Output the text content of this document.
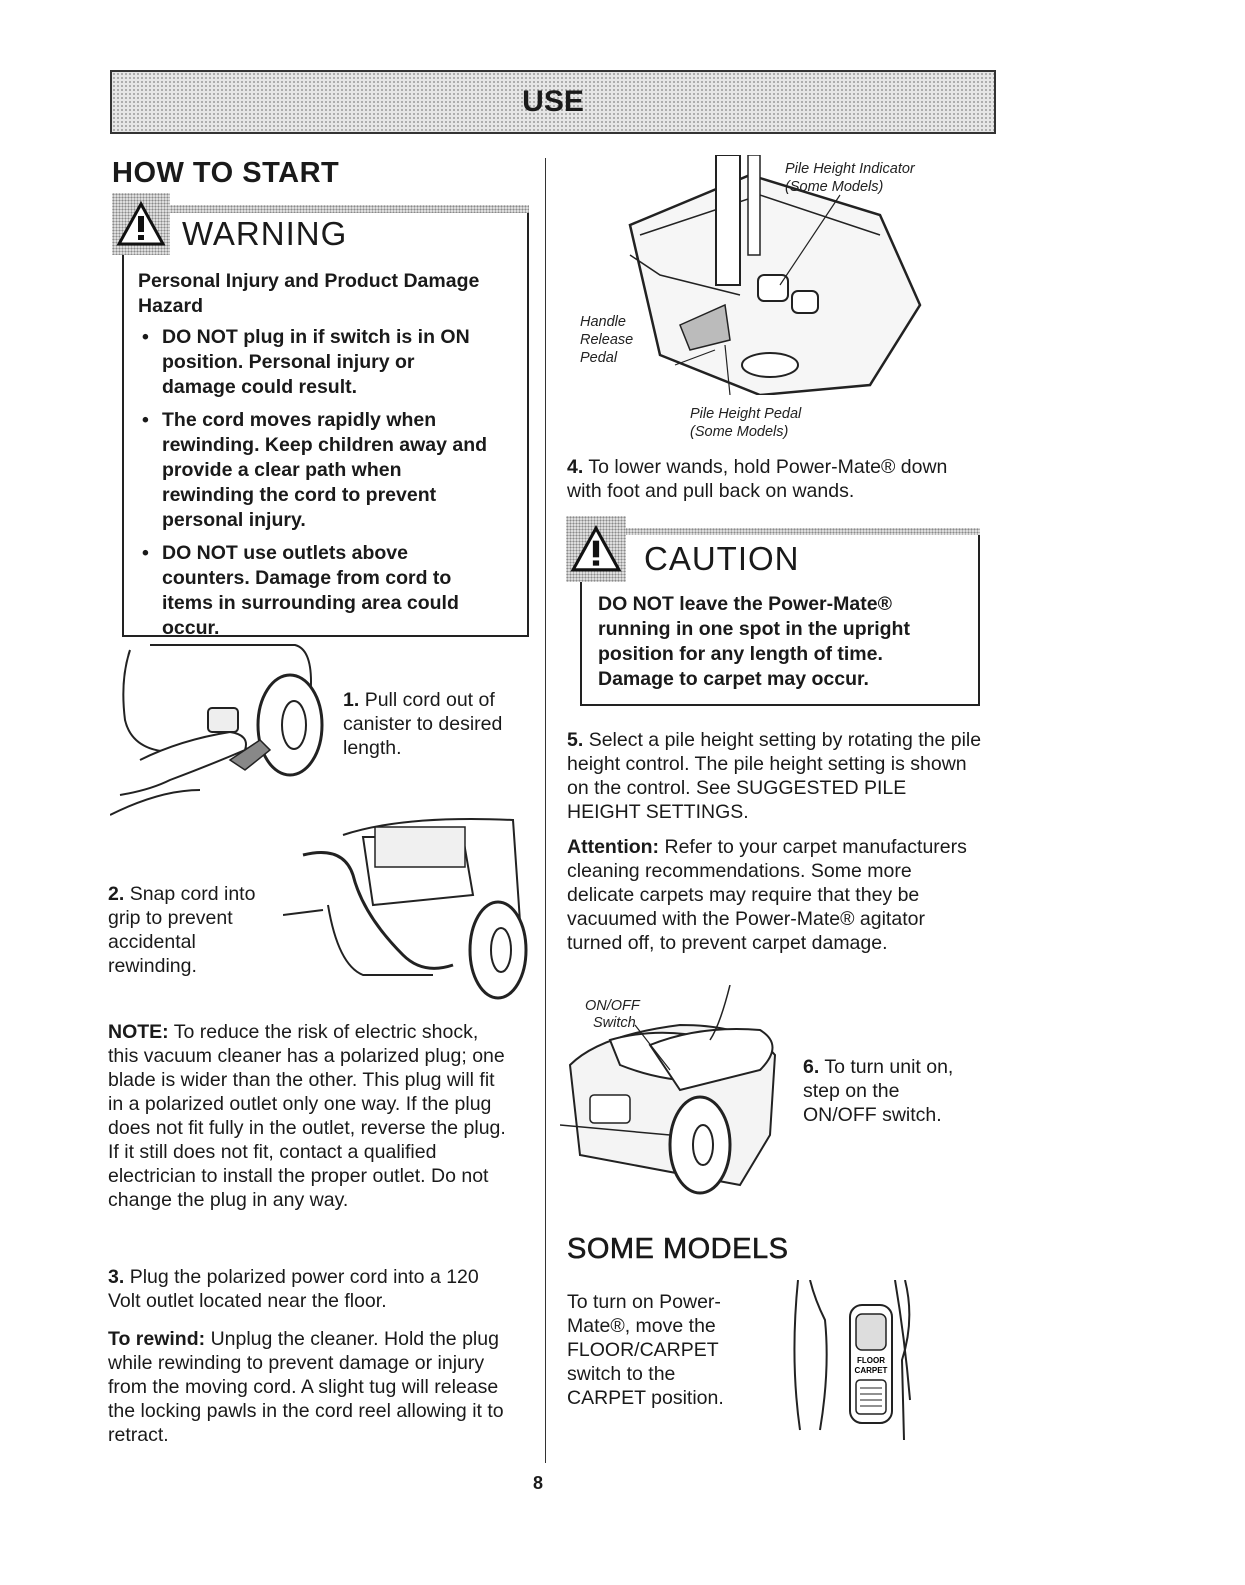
USE
HOW TO START
WARNING
Personal Injury and Product Damage Hazard
• DO NOT plug in if switch is in ON position. Personal injury or damage could result.
• The cord moves rapidly when rewinding. Keep children away and provide a clear path when rewinding the cord to prevent personal injury.
• DO NOT use outlets above counters. Damage from cord to items in surrounding area could occur.
1. Pull cord out of canister to desired length.
2. Snap cord into grip to prevent accidental rewinding.
NOTE: To reduce the risk of electric shock, this vacuum cleaner has a polarized plug; one blade is wider than the other. This plug will fit in a polarized outlet only one way. If the plug does not fit fully in the outlet, reverse the plug. If it still does not fit, contact a qualified electrician to install the proper outlet. Do not change the plug in any way.
3. Plug the polarized power cord into a 120 Volt outlet located near the floor.
To rewind: Unplug the cleaner. Hold the plug while rewinding to prevent damage or injury from the moving cord. A slight tug will release the locking pawls in the cord reel allowing it to retract.
Pile Height Indicator
(Some Models)
Handle
Release
Pedal
Pile Height Pedal
(Some Models)
4. To lower wands, hold Power-Mate® down with foot and pull back on wands.
CAUTION
DO NOT leave the Power-Mate® running in one spot in the upright position for any length of time. Damage to carpet may occur.
5. Select a pile height setting by rotating the pile height control. The pile height setting is shown on the control. See SUGGESTED PILE HEIGHT SETTINGS.
Attention: Refer to your carpet manufacturers cleaning recommendations. Some more delicate carpets may require that they be vacuumed with the Power-Mate® agitator turned off, to prevent carpet damage.
ON/OFF
Switch
6. To turn unit on, step on the ON/OFF switch.
SOME MODELS
To turn on Power-Mate®, move the FLOOR/CARPET switch to the CARPET position.
FLOOR
CARPET
8
